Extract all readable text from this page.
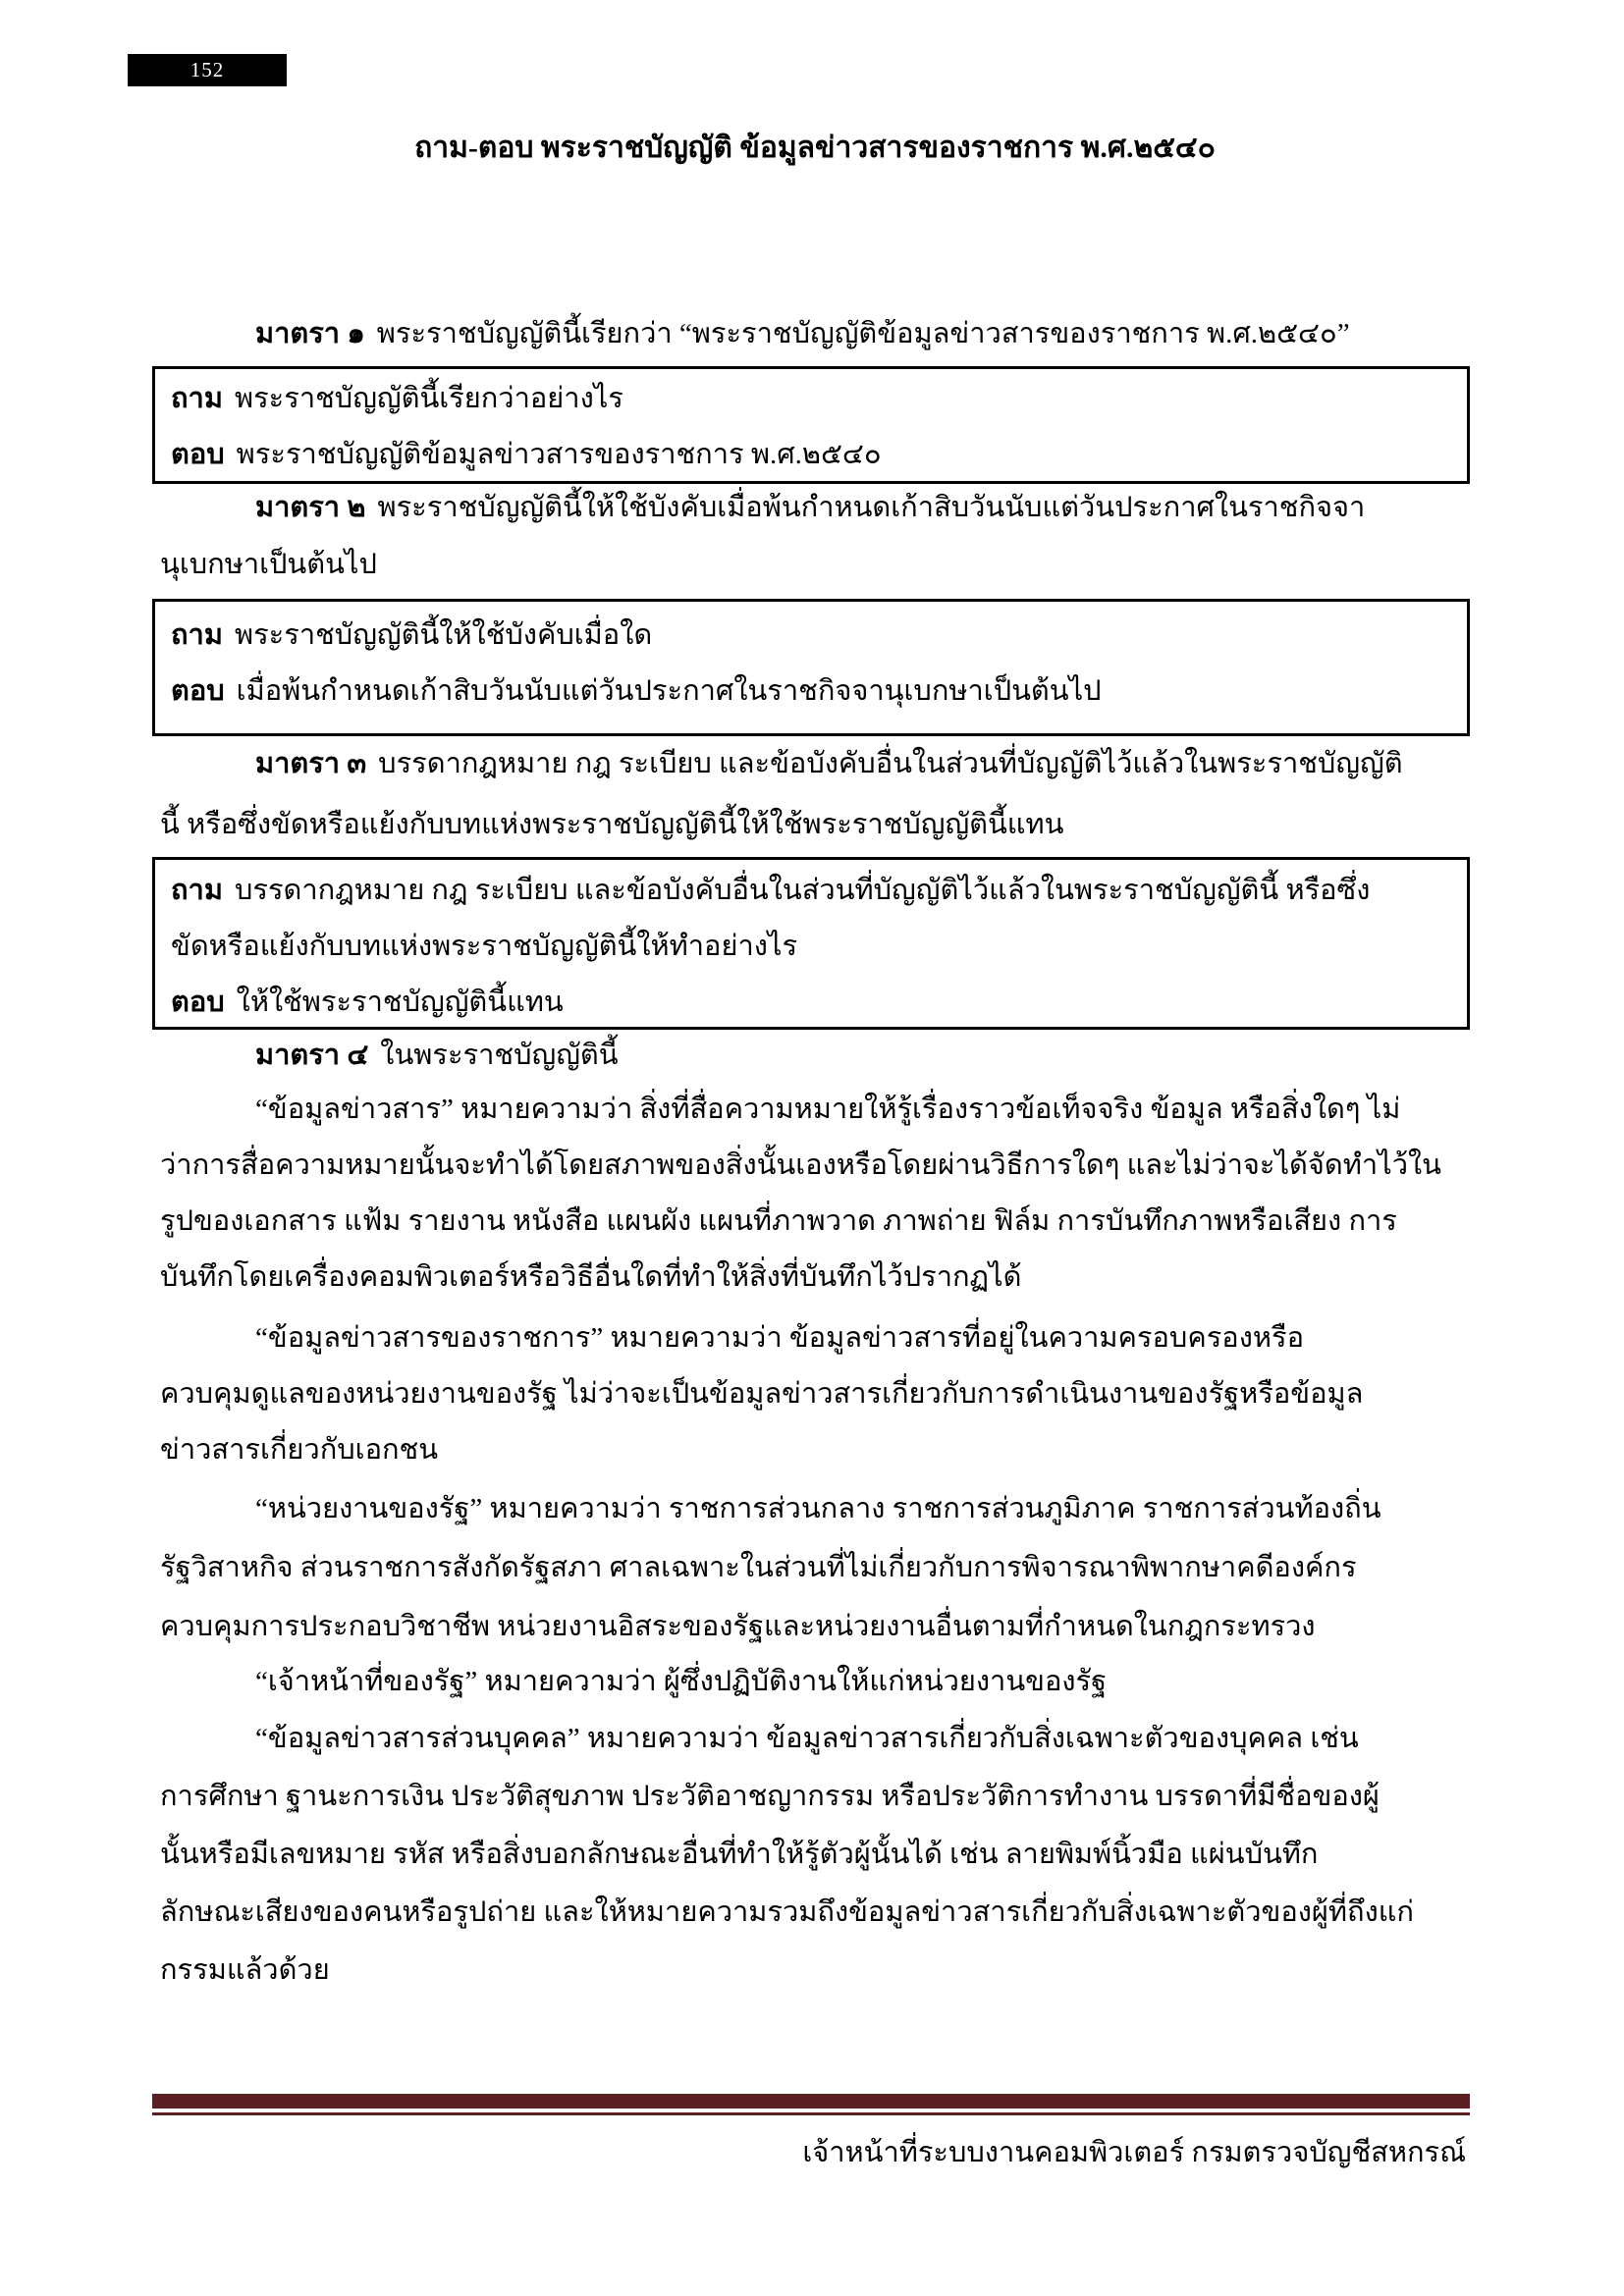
152
ถาม-ตอบ พระราชบัญญัติ ข้อมูลข่าวสารของราชการ พ.ศ.๒๕๔๐
มาตรา ๑ พระราชบัญญัตินี้เรียกว่า “พระราชบัญญัติข้อมูลข่าวสารของราชการ พ.ศ.๒๕๔๐”
ถาม พระราชบัญญัตินี้เรียกว่าอย่างไร
ตอบ พระราชบัญญัติข้อมูลข่าวสารของราชการ พ.ศ.๒๕๔๐
มาตรา ๒ พระราชบัญญัตินี้ให้ใช้บังคับเมื่อพ้นกำหนดเก้าสิบวันนับแต่วันประกาศในราชกิจจา
นุเบกษาเป็นต้นไป
ถาม พระราชบัญญัตินี้ให้ใช้บังคับเมื่อใด
ตอบ เมื่อพ้นกำหนดเก้าสิบวันนับแต่วันประกาศในราชกิจจานุเบกษาเป็นต้นไป
มาตรา ๓ บรรดากฎหมาย กฎ ระเบียบ และข้อบังคับอื่นในส่วนที่บัญญัติไว้แล้วในพระราชบัญญัติ
นี้ หรือซึ่งขัดหรือแย้งกับบทแห่งพระราชบัญญัตินี้ให้ใช้พระราชบัญญัตินี้แทน
ถาม บรรดากฎหมาย กฎ ระเบียบ และข้อบังคับอื่นในส่วนที่บัญญัติไว้แล้วในพระราชบัญญัตินี้ หรือซึ่ง
ขัดหรือแย้งกับบทแห่งพระราชบัญญัตินี้ให้ทำอย่างไร
ตอบ ให้ใช้พระราชบัญญัตินี้แทน
มาตรา ๔ ในพระราชบัญญัตินี้
“ข้อมูลข่าวสาร” หมายความว่า สิ่งที่สื่อความหมายให้รู้เรื่องราวข้อเท็จจริง ข้อมูล หรือสิ่งใดๆ ไม่
ว่าการสื่อความหมายนั้นจะทำได้โดยสภาพของสิ่งนั้นเองหรือโดยผ่านวิธีการใดๆ และไม่ว่าจะได้จัดทำไว้ใน
รูปของเอกสาร แฟ้ม รายงาน หนังสือ แผนผัง แผนที่ภาพวาด ภาพถ่าย ฟิล์ม การบันทึกภาพหรือเสียง การ
บันทึกโดยเครื่องคอมพิวเตอร์หรือวิธีอื่นใดที่ทำให้สิ่งที่บันทึกไว้ปรากฏได้
“ข้อมูลข่าวสารของราชการ” หมายความว่า ข้อมูลข่าวสารที่อยู่ในความครอบครองหรือ
ควบคุมดูแลของหน่วยงานของรัฐ ไม่ว่าจะเป็นข้อมูลข่าวสารเกี่ยวกับการดำเนินงานของรัฐหรือข้อมูล
ข่าวสารเกี่ยวกับเอกชน
“หน่วยงานของรัฐ” หมายความว่า ราชการส่วนกลาง ราชการส่วนภูมิภาค ราชการส่วนท้องถิ่น
รัฐวิสาหกิจ ส่วนราชการสังกัดรัฐสภา ศาลเฉพาะในส่วนที่ไม่เกี่ยวกับการพิจารณาพิพากษาคดีองค์กร
ควบคุมการประกอบวิชาชีพ หน่วยงานอิสระของรัฐและหน่วยงานอื่นตามที่กำหนดในกฎกระทรวง
“เจ้าหน้าที่ของรัฐ” หมายความว่า ผู้ซึ่งปฏิบัติงานให้แก่หน่วยงานของรัฐ
“ข้อมูลข่าวสารส่วนบุคคล” หมายความว่า ข้อมูลข่าวสารเกี่ยวกับสิ่งเฉพาะตัวของบุคคล เช่น
การศึกษา ฐานะการเงิน ประวัติสุขภาพ ประวัติอาชญากรรม หรือประวัติการทำงาน บรรดาที่มีชื่อของผู้
นั้นหรือมีเลขหมาย รหัส หรือสิ่งบอกลักษณะอื่นที่ทำให้รู้ตัวผู้นั้นได้ เช่น ลายพิมพ์นิ้วมือ แผ่นบันทึก
ลักษณะเสียงของคนหรือรูปถ่าย และให้หมายความรวมถึงข้อมูลข่าวสารเกี่ยวกับสิ่งเฉพาะตัวของผู้ที่ถึงแก่
กรรมแล้วด้วย
เจ้าหน้าที่ระบบงานคอมพิวเตอร์ กรมตรวจบัญชีสหกรณ์
